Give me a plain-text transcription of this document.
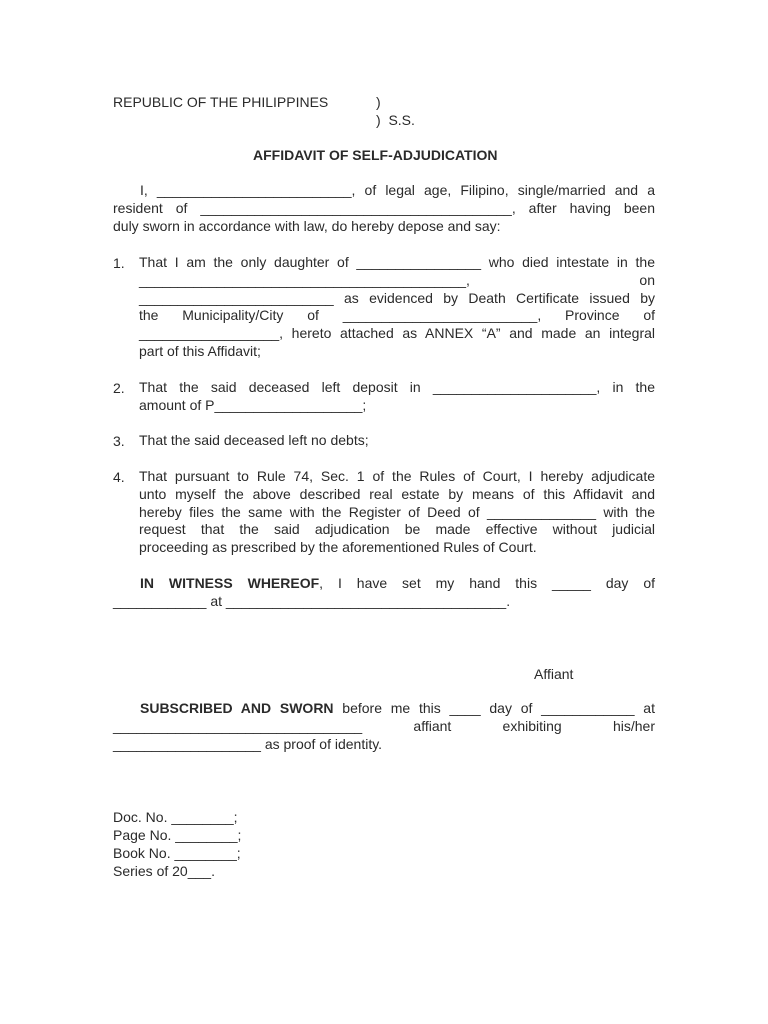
REPUBLIC OF THE PHILIPPINES	)
)  S.S.
AFFIDAVIT OF SELF-ADJUDICATION
I, _________________________, of legal age, Filipino, single/married and a
resident of ________________________________________, after having been
duly sworn in accordance with law, do hereby depose and say:
1. That I am the only daughter of ________________ who died intestate in the
__________________________________________, on
_________________________ as evidenced by Death Certificate issued by
the Municipality/City of _________________________, Province of
__________________, hereto attached as ANNEX “A” and made an integral
part of this Affidavit;
2. That the said deceased left deposit in _____________________, in the
amount of P___________________;
3. That the said deceased left no debts;
4. That pursuant to Rule 74, Sec. 1 of the Rules of Court, I hereby adjudicate
unto myself the above described real estate by means of this Affidavit and
hereby files the same with the Register of Deed of ______________ with the
request that the said adjudication be made effective without judicial
proceeding as prescribed by the aforementioned Rules of Court.
IN WITNESS WHEREOF, I have set my hand this _____ day of
____________ at ____________________________________.
Affiant
SUBSCRIBED AND SWORN before me this ____ day of ____________ at
________________________________ affiant exhibiting his/her
___________________ as proof of identity.
Doc. No. ________;
Page No. ________;
Book No. ________;
Series of 20___.
